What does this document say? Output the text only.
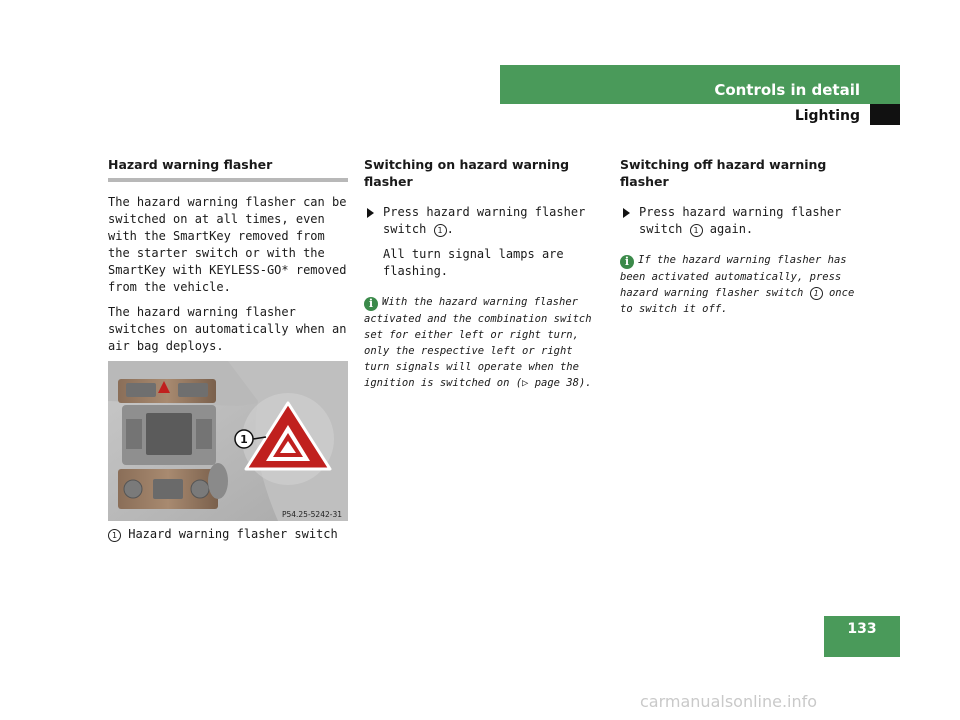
Controls in detail
Lighting
Hazard warning flasher

The hazard warning flasher can be switched on at all times, even with the SmartKey removed from the starter switch or with the SmartKey with KEYLESS-GO* removed from the vehicle.

The hazard warning flasher switches on automatically when an air bag deploys.

1
P54.25-5242-31
1 Hazard warning flasher switch
Switching on hazard warning flasher
Press hazard warning flasher switch 1 .
All turn signal lamps are flashing.
i With the hazard warning flasher activated and the combination switch set for either left or right turn, only the respective left or right turn signals will operate when the ignition is switched on (▷ page 38).
Switching off hazard warning flasher
Press hazard warning flasher switch 1 again.
i If the hazard warning flasher has been activated automatically, press hazard warning flasher switch 1 once to switch it off.
133
carmanualsonline.info
